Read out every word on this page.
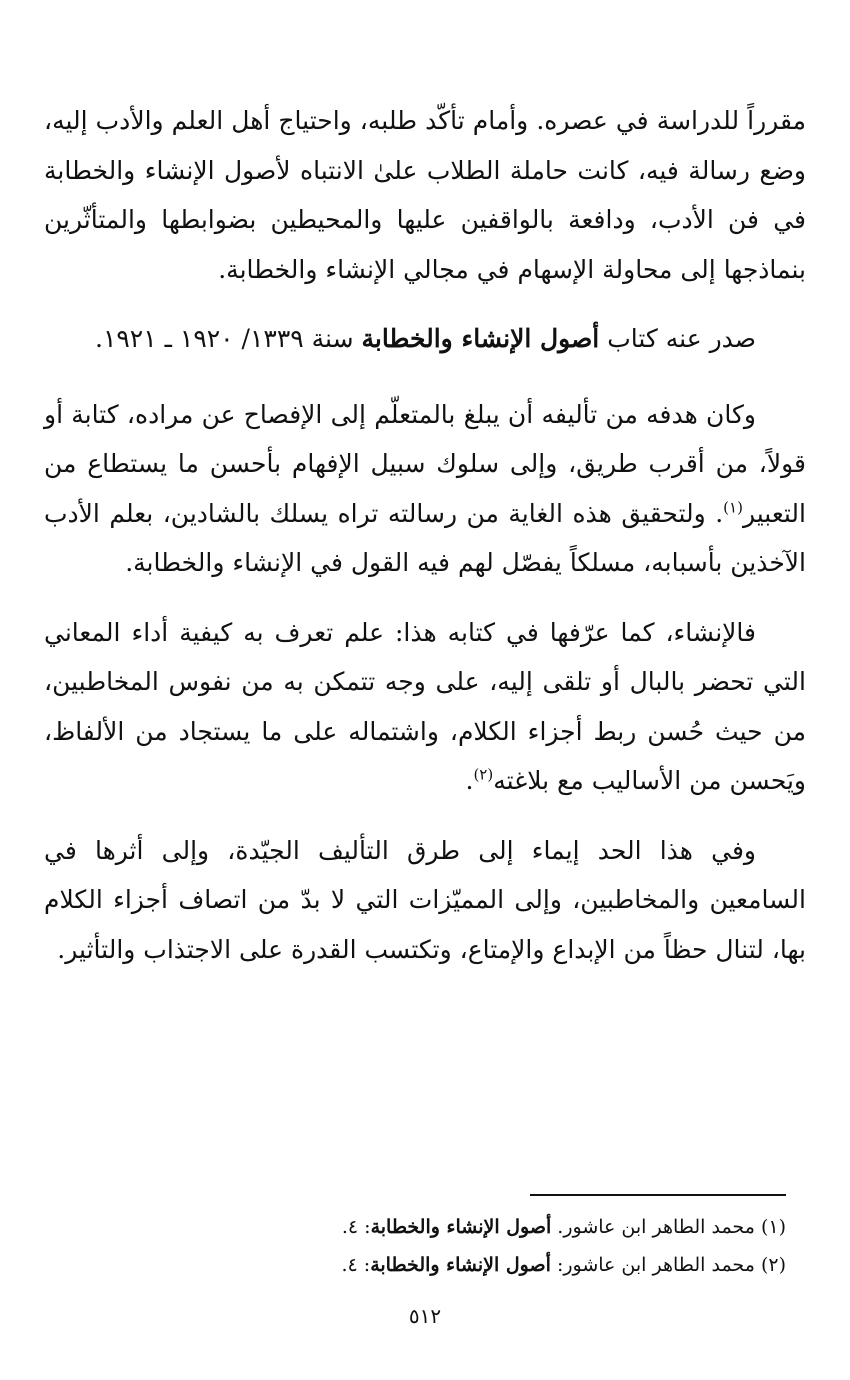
مقرراً للدراسة في عصره. وأمام تأكّد طلبه، واحتياج أهل العلم والأدب إليه، وضع رسالة فيه، كانت حاملة الطلاب علىٰ الانتباه لأصول الإنشاء والخطابة في فن الأدب، ودافعة بالواقفين عليها والمحيطين بضوابطها والمتأثّرين بنماذجها إلى محاولة الإسهام في مجالي الإنشاء والخطابة.

صدر عنه كتاب أصول الإنشاء والخطابة سنة ١٣٣٩/ ١٩٢٠ ـ ١٩٢١.

وكان هدفه من تأليفه أن يبلغ بالمتعلّم إلى الإفصاح عن مراده، كتابة أو قولاً، من أقرب طريق، وإلى سلوك سبيل الإفهام بأحسن ما يستطاع من التعبير$^{(١)}$. ولتحقيق هذه الغاية من رسالته تراه يسلك بالشادين، بعلم الأدب الآخذين بأسبابه، مسلكاً يفصّل لهم فيه القول في الإنشاء والخطابة.

فالإنشاء، كما عرّفها في كتابه هذا: علم تعرف به كيفية أداء المعاني التي تحضر بالبال أو تلقى إليه، على وجه تتمكن به من نفوس المخاطبين، من حيث حُسن ربط أجزاء الكلام، واشتماله على ما يستجاد من الألفاظ، ويَحسن من الأساليب مع بلاغته$^{(٢)}$.

وفي هذا الحد إيماء إلى طرق التأليف الجيّدة، وإلى أثرها في السامعين والمخاطبين، وإلى المميّزات التي لا بدّ من اتصاف أجزاء الكلام بها، لتنال حظاً من الإبداع والإمتاع، وتكتسب القدرة على الاجتذاب والتأثير.

(١) محمد الطاهر ابن عاشور. أصول الإنشاء والخطابة: ٤.
(٢) محمد الطاهر ابن عاشور: أصول الإنشاء والخطابة: ٤.
٥١٢
